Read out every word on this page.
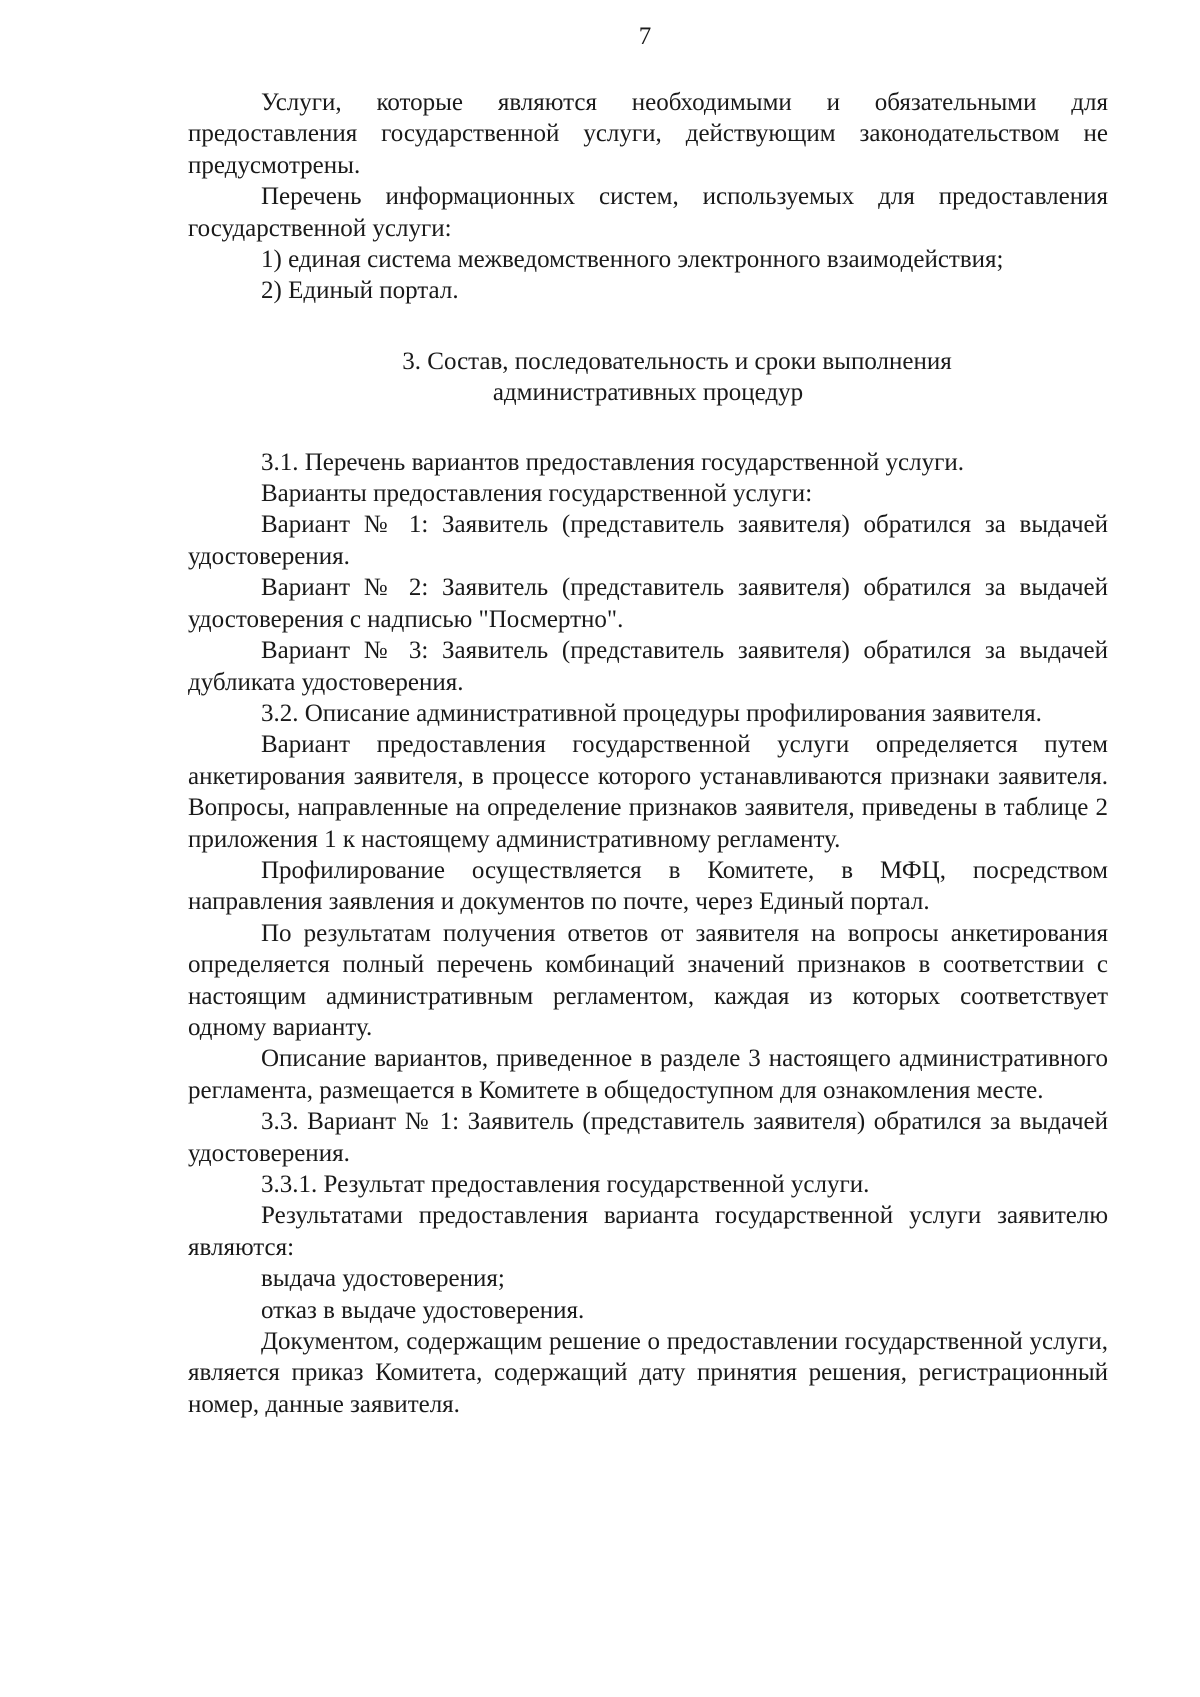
7

Услуги, которые являются необходимыми и обязательными для предоставления государственной услуги, действующим законодательством не предусмотрены.

Перечень информационных систем, используемых для предоставления государственной услуги:

1) единая система межведомственного электронного взаимодействия;

2) Единый портал.

3. Состав, последовательность и сроки выполнения
административных процедур

3.1. Перечень вариантов предоставления государственной услуги.

Варианты предоставления государственной услуги:

Вариант № 1: Заявитель (представитель заявителя) обратился за выдачей удостоверения.

Вариант № 2: Заявитель (представитель заявителя) обратился за выдачей удостоверения с надписью "Посмертно".

Вариант № 3: Заявитель (представитель заявителя) обратился за выдачей дубликата удостоверения.

3.2. Описание административной процедуры профилирования заявителя.

Вариант предоставления государственной услуги определяется путем анкетирования заявителя, в процессе которого устанавливаются признаки заявителя. Вопросы, направленные на определение признаков заявителя, приведены в таблице 2 приложения 1 к настоящему административному регламенту.

Профилирование осуществляется в Комитете, в МФЦ, посредством направления заявления и документов по почте, через Единый портал.

По результатам получения ответов от заявителя на вопросы анкетирования определяется полный перечень комбинаций значений признаков в соответствии с настоящим административным регламентом, каждая из которых соответствует одному варианту.

Описание вариантов, приведенное в разделе 3 настоящего административного регламента, размещается в Комитете в общедоступном для ознакомления месте.

3.3. Вариант № 1: Заявитель (представитель заявителя) обратился за выдачей удостоверения.

3.3.1. Результат предоставления государственной услуги.

Результатами предоставления варианта государственной услуги заявителю являются:

выдача удостоверения;

отказ в выдаче удостоверения.

Документом, содержащим решение о предоставлении государственной услуги, является приказ Комитета, содержащий дату принятия решения, регистрационный номер, данные заявителя.
